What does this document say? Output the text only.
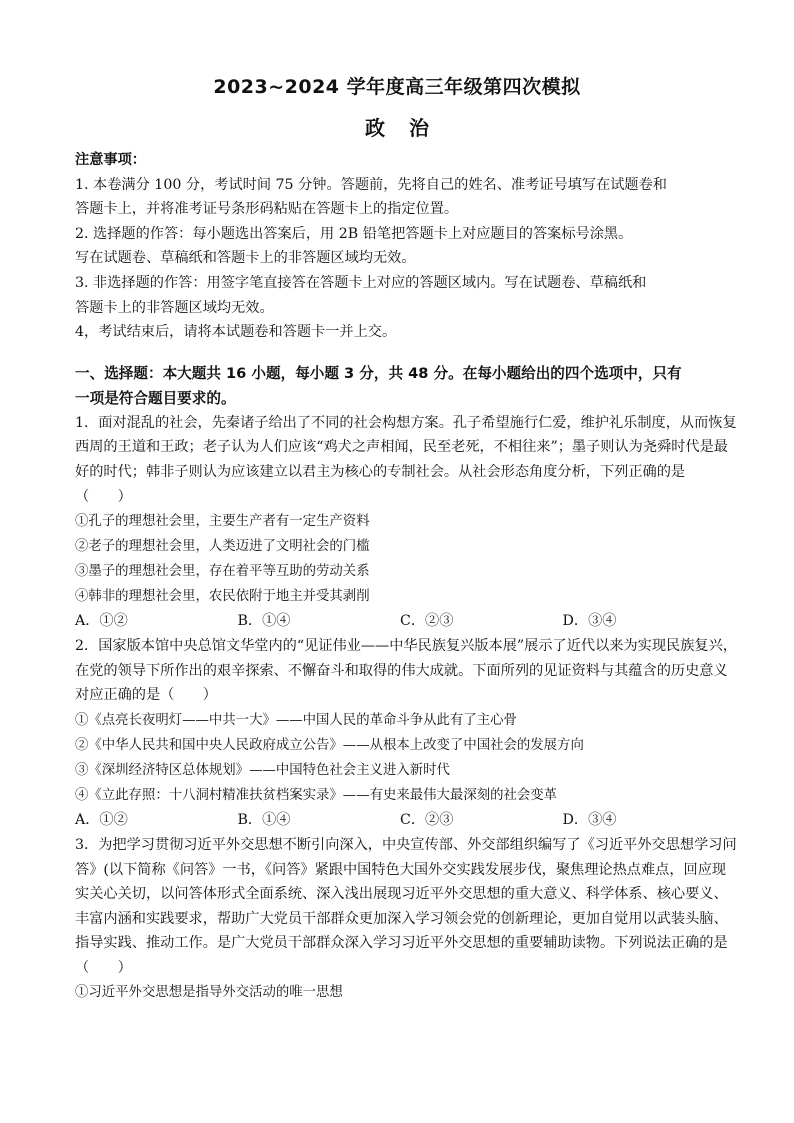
2023~2024 学年度高三年级第四次模拟
政治
注意事项：
1. 本卷满分 100 分，考试时间 75 分钟。答题前，先将自己的姓名、准考证号填写在试题卷和
答题卡上，并将准考证号条形码粘贴在答题卡上的指定位置。
2. 选择题的作答：每小题选出答案后，用 2B 铅笔把答题卡上对应题目的答案标号涂黑。
写在试题卷、草稿纸和答题卡上的非答题区域均无效。
3. 非选择题的作答：用签字笔直接答在答题卡上对应的答题区域内。写在试题卷、草稿纸和
答题卡上的非答题区域均无效。
4，考试结束后，请将本试题卷和答题卡一并上交。
一、选择题：本大题共 16 小题，每小题 3 分，共 48 分。在每小题给出的四个选项中，只有
一项是符合题目要求的。
1．面对混乱的社会，先秦诸子给出了不同的社会构想方案。孔子希望施行仁爱，维护礼乐制度，从而恢复
西周的王道和王政；老子认为人们应该“鸡犬之声相闻，民至老死，不相往来”；墨子则认为尧舜时代是最
好的时代；韩非子则认为应该建立以君主为核心的专制社会。从社会形态角度分析，下列正确的是
（　　）
①孔子的理想社会里，主要生产者有一定生产资料
②老子的理想社会里，人类迈进了文明社会的门槛
③墨子的理想社会里，存在着平等互助的劳动关系
④韩非的理想社会里，农民依附于地主并受其剥削
A．①②	B．①④	C．②③	D．③④
2．国家版本馆中央总馆文华堂内的“见证伟业——中华民族复兴版本展”展示了近代以来为实现民族复兴，
在党的领导下所作出的艰辛探索、不懈奋斗和取得的伟大成就。下面所列的见证资料与其蕴含的历史意义
对应正确的是（　　）
①《点亮长夜明灯——中共一大》——中国人民的革命斗争从此有了主心骨
②《中华人民共和国中央人民政府成立公告》——从根本上改变了中国社会的发展方向
③《深圳经济特区总体规划》——中国特色社会主义进入新时代
④《立此存照：十八洞村精准扶贫档案实录》——有史来最伟大最深刻的社会变革
A．①②	B．①④	C．②③	D．③④
3．为把学习贯彻习近平外交思想不断引向深入，中央宣传部、外交部组织编写了《习近平外交思想学习问
答》(以下简称《问答》一书，《问答》紧跟中国特色大国外交实践发展步伐，聚焦理论热点难点，回应现
实关心关切，以问答体形式全面系统、深入浅出展现习近平外交思想的重大意义、科学体系、核心要义、
丰富内涵和实践要求，帮助广大党员干部群众更加深入学习领会党的创新理论，更加自觉用以武装头脑、
指导实践、推动工作。是广大党员干部群众深入学习习近平外交思想的重要辅助读物。下列说法正确的是
（　　）
①习近平外交思想是指导外交活动的唯一思想
